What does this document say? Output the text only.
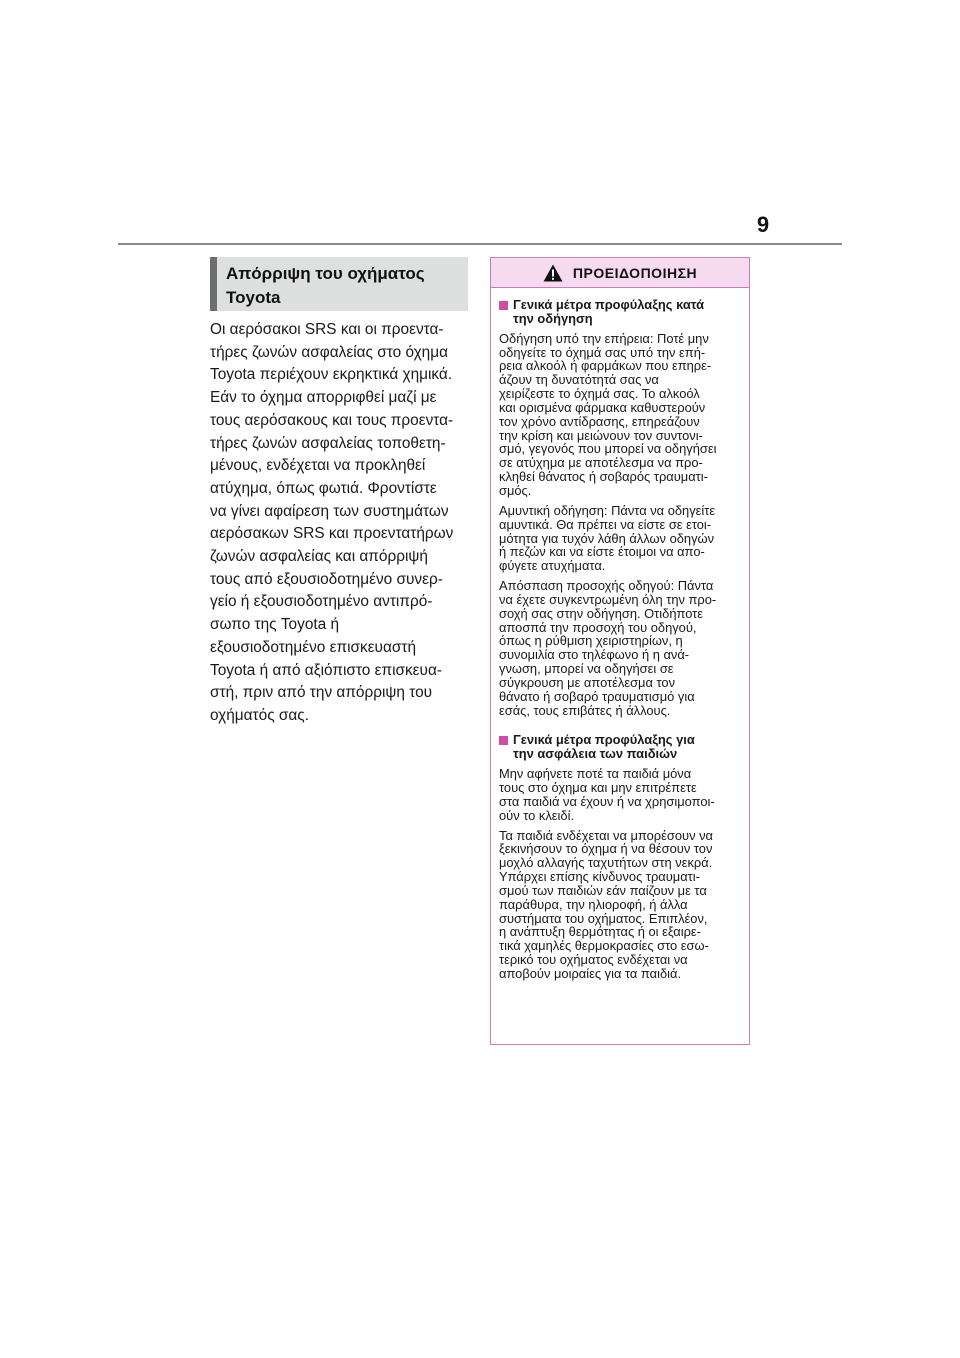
9
Απόρριψη του οχήματος
Toyota
Οι αερόσακοι SRS και οι προεντα-
τήρες ζωνών ασφαλείας στο όχημα
Toyota περιέχουν εκρηκτικά χημικά.
Εάν το όχημα απορριφθεί μαζί με
τους αερόσακους και τους προεντα-
τήρες ζωνών ασφαλείας τοποθετη-
μένους, ενδέχεται να προκληθεί
ατύχημα, όπως φωτιά. Φροντίστε
να γίνει αφαίρεση των συστημάτων
αερόσακων SRS και προεντατήρων
ζωνών ασφαλείας και απόρριψή
τους από εξουσιοδοτημένο συνερ-
γείο ή εξουσιοδοτημένο αντιπρό-
σωπο της Toyota ή
εξουσιοδοτημένο επισκευαστή
Toyota ή από αξιόπιστο επισκευα-
στή, πριν από την απόρριψη του
οχήματός σας.
ΠΡΟΕΙΔΟΠΟΙΗΣΗ
Γενικά μέτρα προφύλαξης κατά
την οδήγηση
Οδήγηση υπό την επήρεια: Ποτέ μην
οδηγείτε το όχημά σας υπό την επή-
ρεια αλκοόλ ή φαρμάκων που επηρε-
άζουν τη δυνατότητά σας να
χειρίζεστε το όχημά σας. Το αλκοόλ
και ορισμένα φάρμακα καθυστερούν
τον χρόνο αντίδρασης, επηρεάζουν
την κρίση και μειώνουν τον συντονι-
σμό, γεγονός που μπορεί να οδηγήσει
σε ατύχημα με αποτέλεσμα να προ-
κληθεί θάνατος ή σοβαρός τραυματι-
σμός.
Αμυντική οδήγηση: Πάντα να οδηγείτε
αμυντικά. Θα πρέπει να είστε σε ετοι-
μότητα για τυχόν λάθη άλλων οδηγών
ή πεζών και να είστε έτοιμοι να απο-
φύγετε ατυχήματα.
Απόσπαση προσοχής οδηγού: Πάντα
να έχετε συγκεντρωμένη όλη την προ-
σοχή σας στην οδήγηση. Οτιδήποτε
αποσπά την προσοχή του οδηγού,
όπως η ρύθμιση χειριστηρίων, η
συνομιλία στο τηλέφωνο ή η ανά-
γνωση, μπορεί να οδηγήσει σε
σύγκρουση με αποτέλεσμα τον
θάνατο ή σοβαρό τραυματισμό για
εσάς, τους επιβάτες ή άλλους.
Γενικά μέτρα προφύλαξης για
την ασφάλεια των παιδιών
Μην αφήνετε ποτέ τα παιδιά μόνα
τους στο όχημα και μην επιτρέπετε
στα παιδιά να έχουν ή να χρησιμοποι-
ούν το κλειδί.
Τα παιδιά ενδέχεται να μπορέσουν να
ξεκινήσουν το όχημα ή να θέσουν τον
μοχλό αλλαγής ταχυτήτων στη νεκρά.
Υπάρχει επίσης κίνδυνος τραυματι-
σμού των παιδιών εάν παίζουν με τα
παράθυρα, την ηλιοροφή, ή άλλα
συστήματα του οχήματος. Επιπλέον,
η ανάπτυξη θερμότητας ή οι εξαιρε-
τικά χαμηλές θερμοκρασίες στο εσω-
τερικό του οχήματος ενδέχεται να
αποβούν μοιραίες για τα παιδιά.
